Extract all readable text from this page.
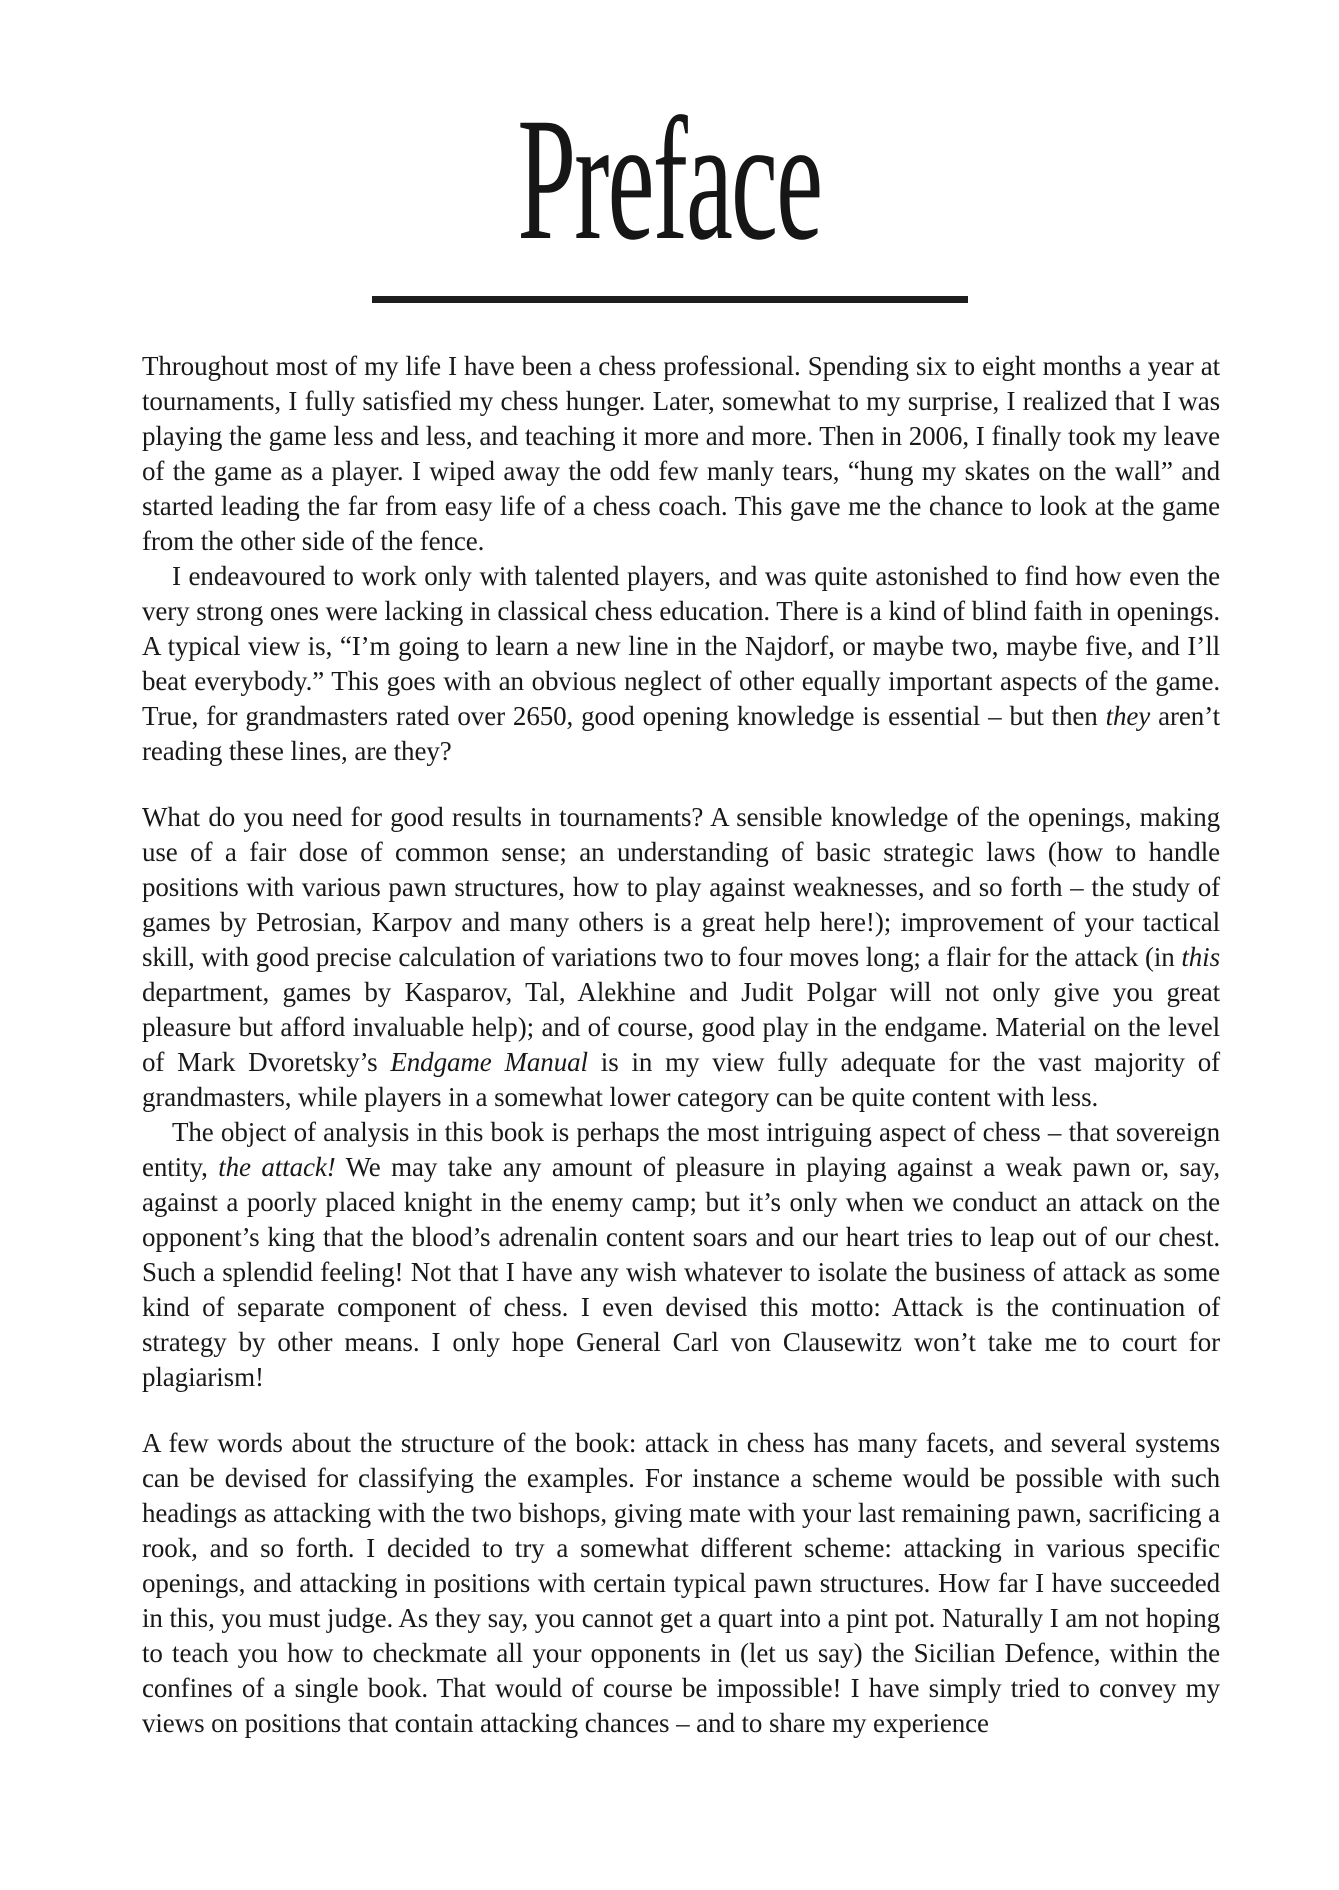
Preface

Throughout most of my life I have been a chess professional. Spending six to eight months a year at tournaments, I fully satisfied my chess hunger. Later, somewhat to my surprise, I realized that I was playing the game less and less, and teaching it more and more. Then in 2006, I finally took my leave of the game as a player. I wiped away the odd few manly tears, “hung my skates on the wall” and started leading the far from easy life of a chess coach. This gave me the chance to look at the game from the other side of the fence.

I endeavoured to work only with talented players, and was quite astonished to find how even the very strong ones were lacking in classical chess education. There is a kind of blind faith in openings. A typical view is, “I’m going to learn a new line in the Najdorf, or maybe two, maybe five, and I’ll beat everybody.” This goes with an obvious neglect of other equally important aspects of the game. True, for grandmasters rated over 2650, good opening knowledge is essential – but then they aren’t reading these lines, are they?

What do you need for good results in tournaments? A sensible knowledge of the openings, making use of a fair dose of common sense; an understanding of basic strategic laws (how to handle positions with various pawn structures, how to play against weaknesses, and so forth – the study of games by Petrosian, Karpov and many others is a great help here!); improvement of your tactical skill, with good precise calculation of variations two to four moves long; a flair for the attack (in this department, games by Kasparov, Tal, Alekhine and Judit Polgar will not only give you great pleasure but afford invaluable help); and of course, good play in the endgame. Material on the level of Mark Dvoretsky’s Endgame Manual is in my view fully adequate for the vast majority of grandmasters, while players in a somewhat lower category can be quite content with less.

The object of analysis in this book is perhaps the most intriguing aspect of chess – that sovereign entity, the attack! We may take any amount of pleasure in playing against a weak pawn or, say, against a poorly placed knight in the enemy camp; but it’s only when we conduct an attack on the opponent’s king that the blood’s adrenalin content soars and our heart tries to leap out of our chest. Such a splendid feeling! Not that I have any wish whatever to isolate the business of attack as some kind of separate component of chess. I even devised this motto: Attack is the continuation of strategy by other means. I only hope General Carl von Clausewitz won’t take me to court for plagiarism!

A few words about the structure of the book: attack in chess has many facets, and several systems can be devised for classifying the examples. For instance a scheme would be possible with such headings as attacking with the two bishops, giving mate with your last remaining pawn, sacrificing a rook, and so forth. I decided to try a somewhat different scheme: attacking in various specific openings, and attacking in positions with certain typical pawn structures. How far I have succeeded in this, you must judge. As they say, you cannot get a quart into a pint pot. Naturally I am not hoping to teach you how to checkmate all your opponents in (let us say) the Sicilian Defence, within the confines of a single book. That would of course be impossible! I have simply tried to convey my views on positions that contain attacking chances – and to share my experience
